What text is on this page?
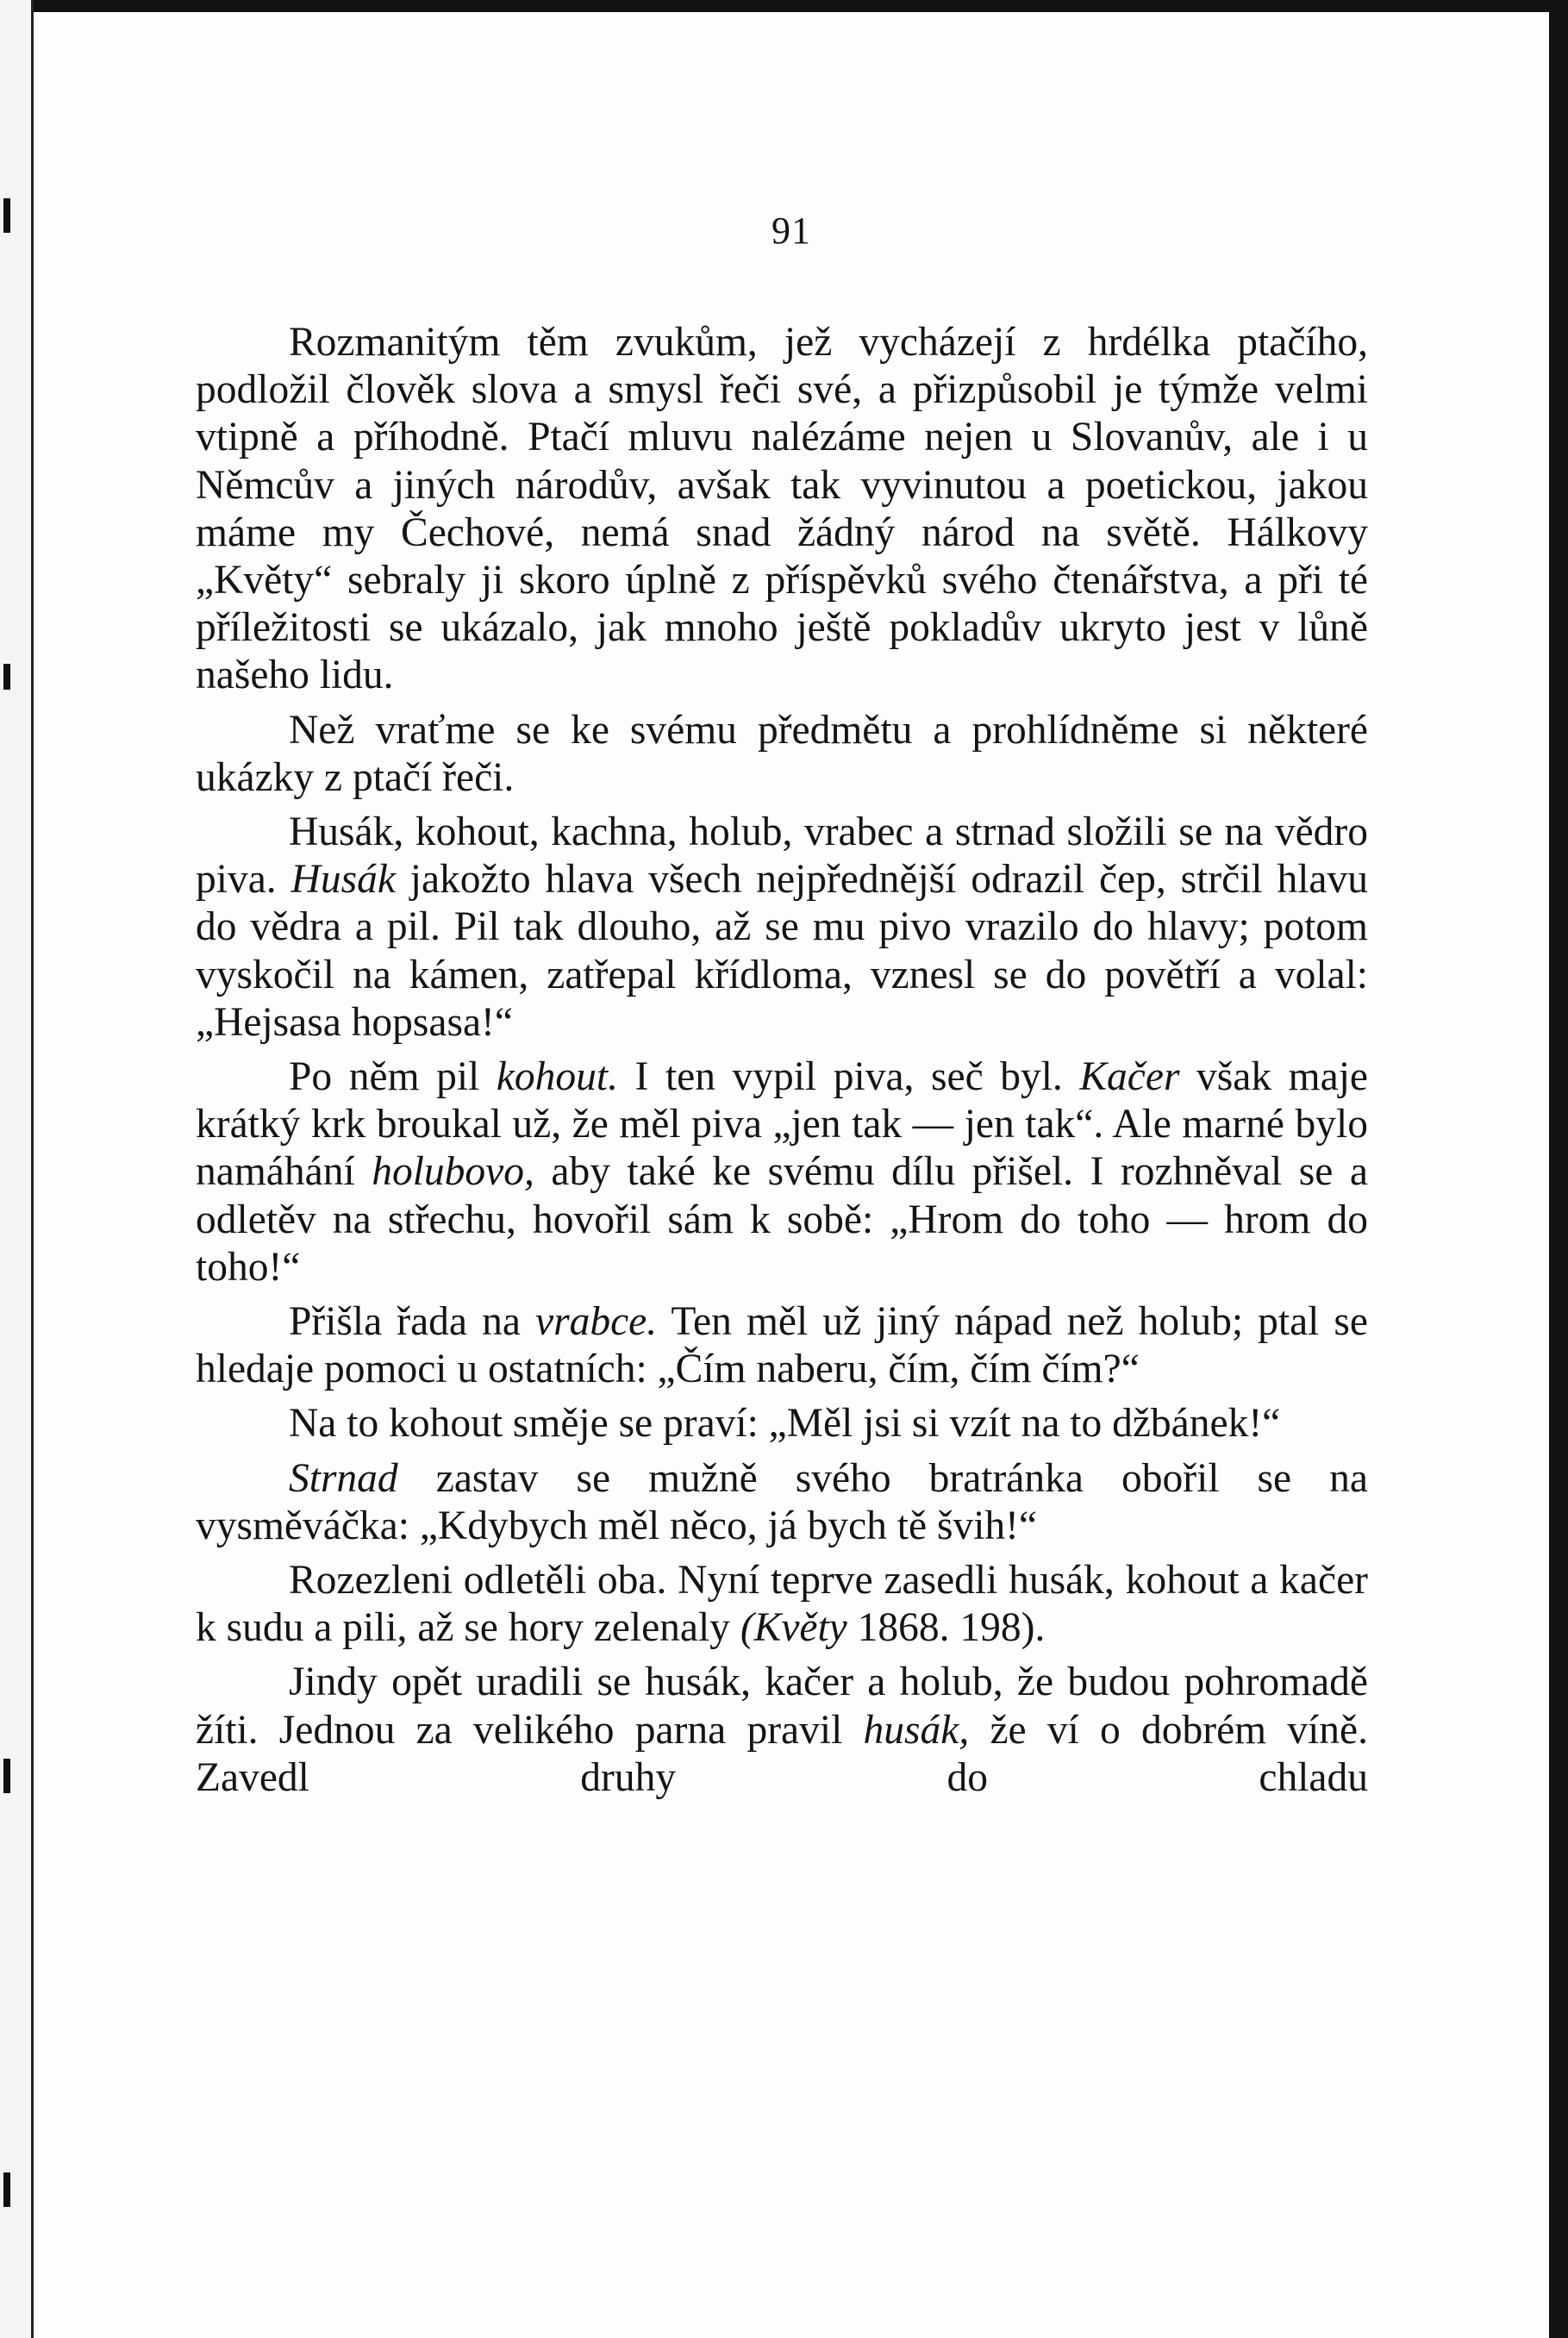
91

Rozmanitým těm zvukům, jež vycházejí z hrdélka ptačího, podložil člověk slova a smysl řeči své, a přizpůsobil je týmže velmi vtipně a příhodně. Ptačí mluvu nalézáme nejen u Slovanův, ale i u Němcův a jiných národův, avšak tak vyvinutou a poetickou, jakou máme my Čechové, nemá snad žádný národ na světě. Hálkovy „Květy“ sebraly ji skoro úplně z příspěvků svého čtenářstva, a při té příležitosti se ukázalo, jak mnoho ještě pokladův ukryto jest v lůně našeho lidu.

Než vraťme se ke svému předmětu a prohlídněme si některé ukázky z ptačí řeči.

Husák, kohout, kachna, holub, vrabec a strnad složili se na vědro piva. Husák jakožto hlava všech nejpřednější odrazil čep, strčil hlavu do vědra a pil. Pil tak dlouho, až se mu pivo vrazilo do hlavy; potom vyskočil na kámen, zatřepal křídloma, vznesl se do povětří a volal: „Hejsasa hopsasa!“

Po něm pil kohout. I ten vypil piva, seč byl. Kačer však maje krátký krk broukal už, že měl piva „jen tak — jen tak“. Ale marné bylo namáhání holubovo, aby také ke svému dílu přišel. I rozhněval se a odletěv na střechu, hovořil sám k sobě: „Hrom do toho — hrom do toho!“

Přišla řada na vrabce. Ten měl už jiný nápad než holub; ptal se hledaje pomoci u ostatních: „Čím naberu, čím, čím čím?“

Na to kohout směje se praví: „Měl jsi si vzít na to džbánek!“

Strnad zastav se mužně svého bratránka obořil se na vysměváčka: „Kdybych měl něco, já bych tě švih!“

Rozezleni odletěli oba. Nyní teprve zasedli husák, kohout a kačer k sudu a pili, až se hory zelenaly (Květy 1868. 198).

Jindy opět uradili se husák, kačer a holub, že budou pohromadě žíti. Jednou za velikého parna pravil husák, že ví o dobrém víně. Zavedl druhy do chladu
